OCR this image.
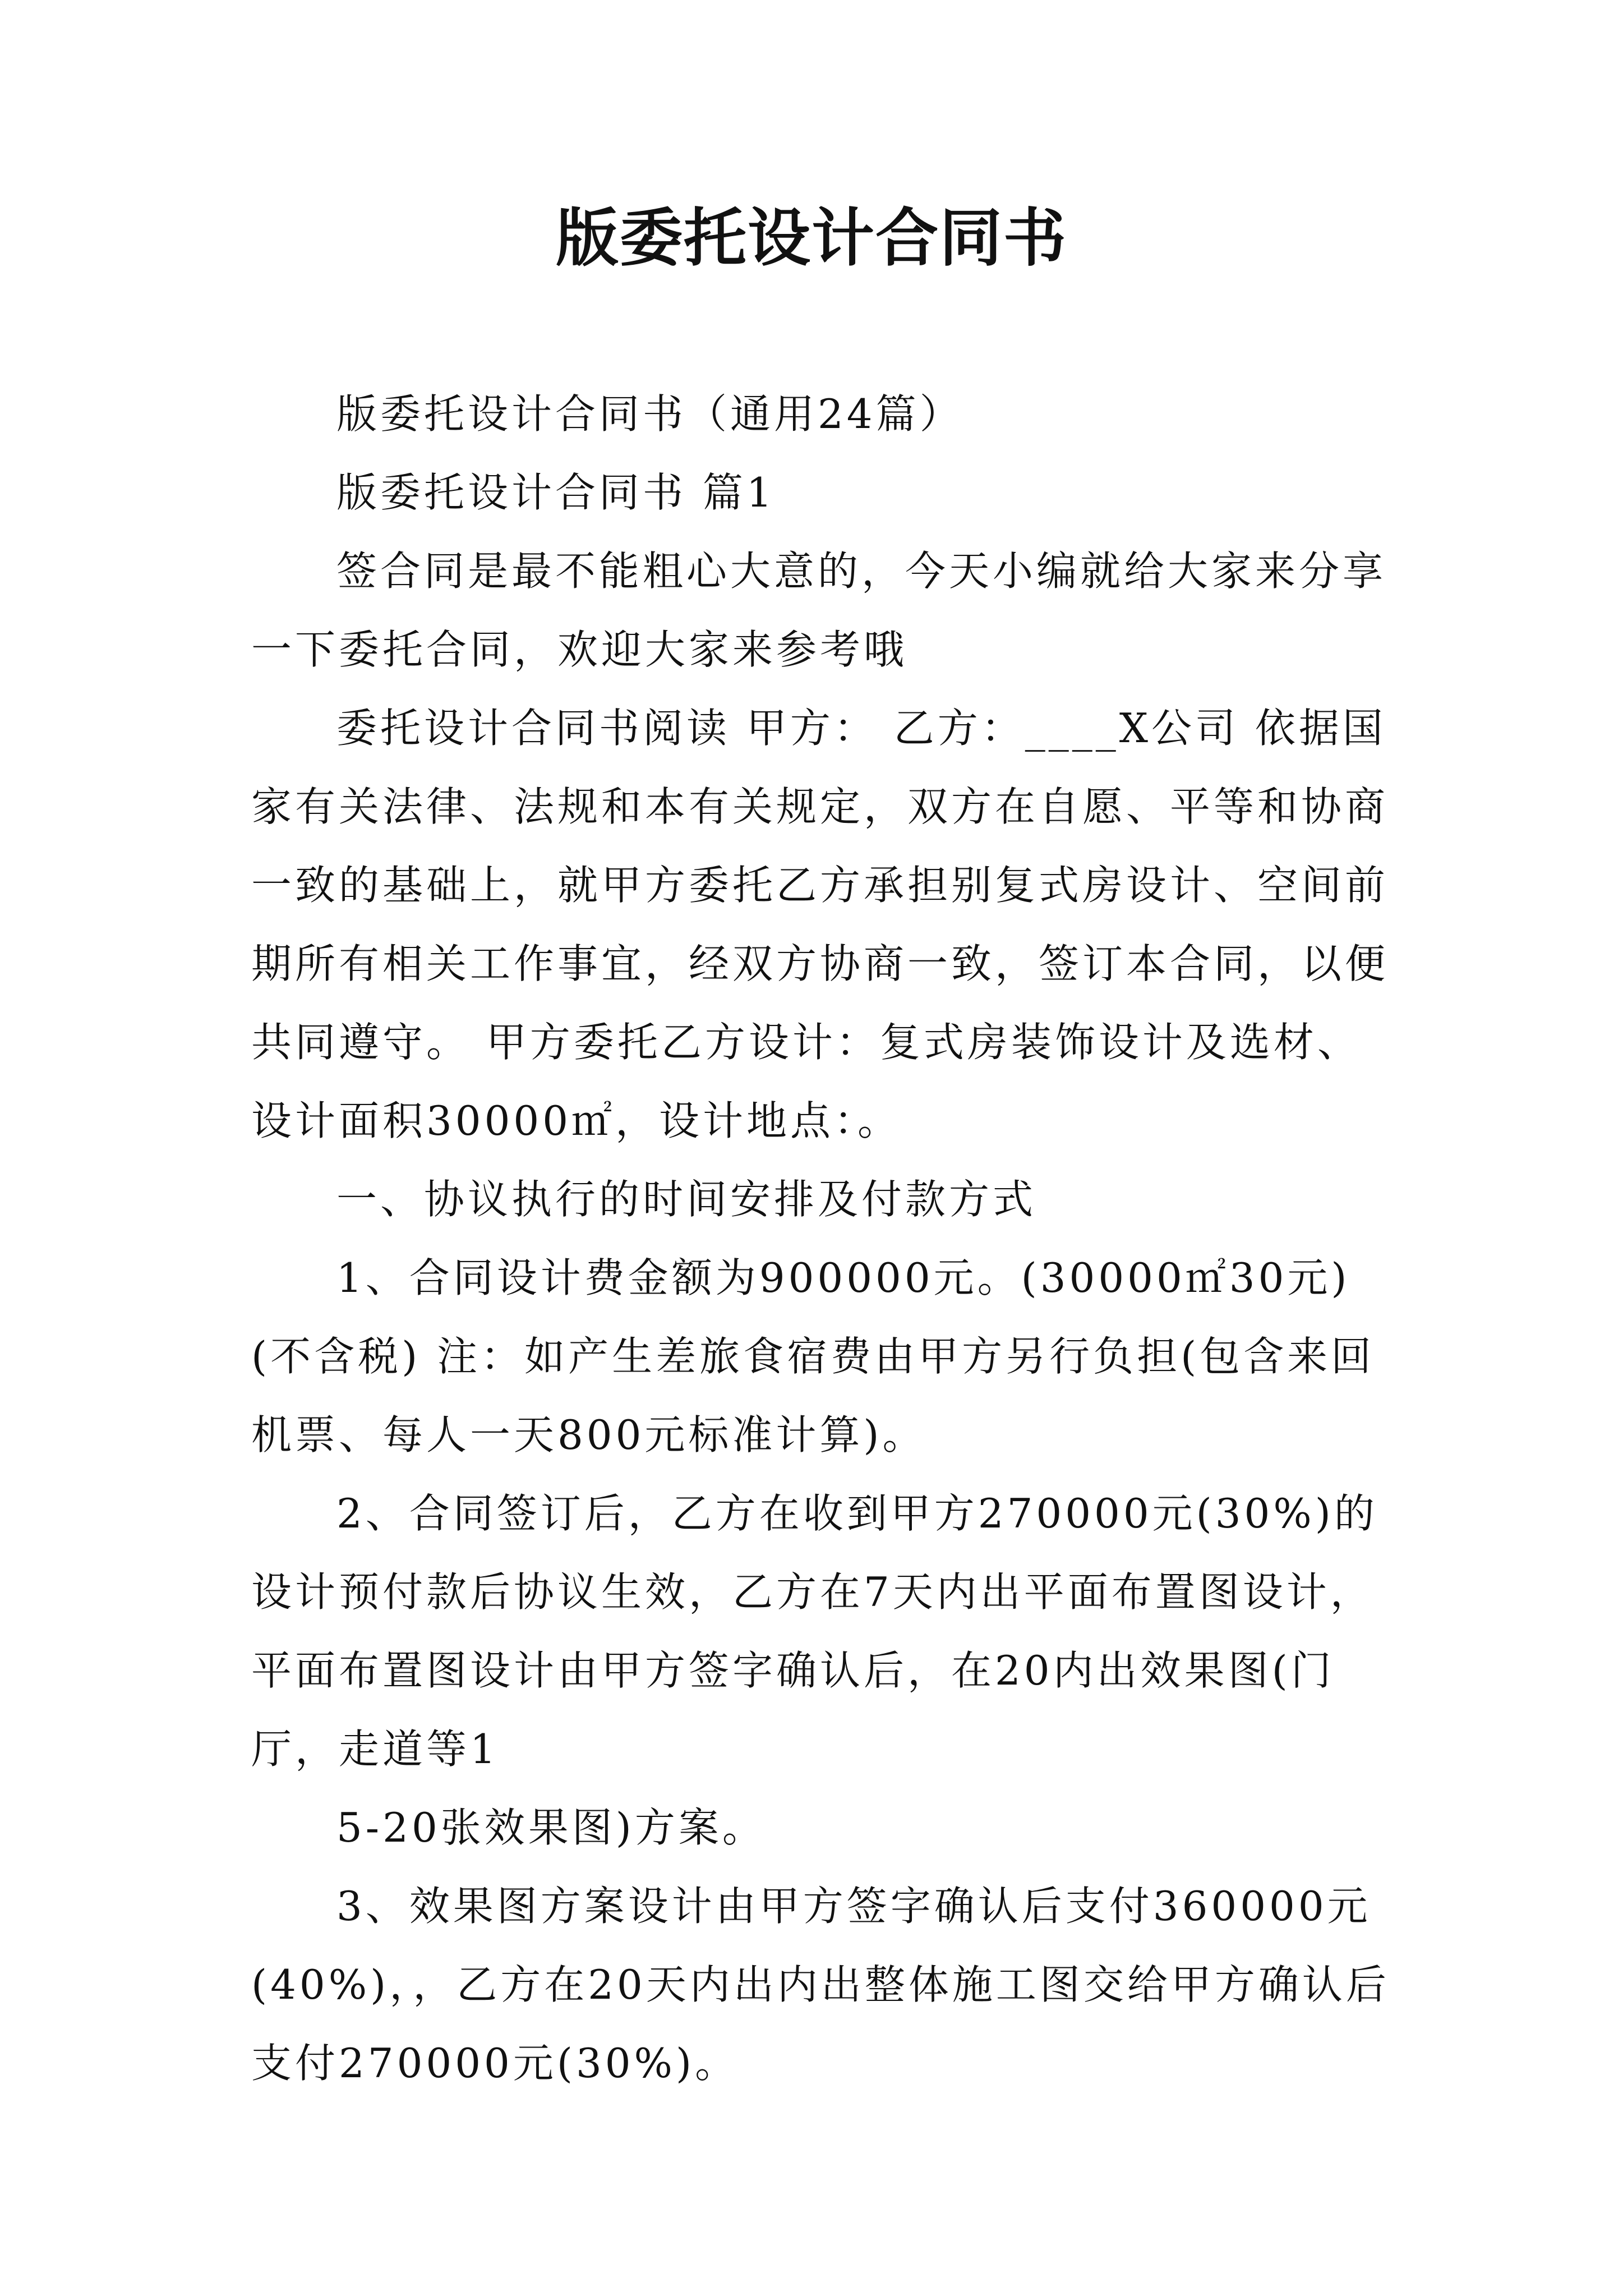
版委托设计合同书

版委托设计合同书（通用24篇）

版委托设计合同书 篇1

签合同是最不能粗心大意的，今天小编就给大家来分享一下委托合同，欢迎大家来参考哦

委托设计合同书阅读 甲方： 乙方：____X公司 依据国家有关法律、法规和本有关规定，双方在自愿、平等和协商一致的基础上，就甲方委托乙方承担别复式房设计、空间前期所有相关工作事宜，经双方协商一致，签订本合同，以便共同遵守。 甲方委托乙方设计：复式房装饰设计及选材、设计面积30000㎡，设计地点：。

一、协议执行的时间安排及付款方式

1、合同设计费金额为900000元。(30000㎡30元)(不含税) 注：如产生差旅食宿费由甲方另行负担(包含来回机票、每人一天800元标准计算)。

2、合同签订后，乙方在收到甲方270000元(30%)的设计预付款后协议生效，乙方在7天内出平面布置图设计，平面布置图设计由甲方签字确认后，在20内出效果图(门厅，走道等1

5-20张效果图)方案。

3、效果图方案设计由甲方签字确认后支付360000元(40%)，，乙方在20天内出内出整体施工图交给甲方确认后支付270000元(30%)。
